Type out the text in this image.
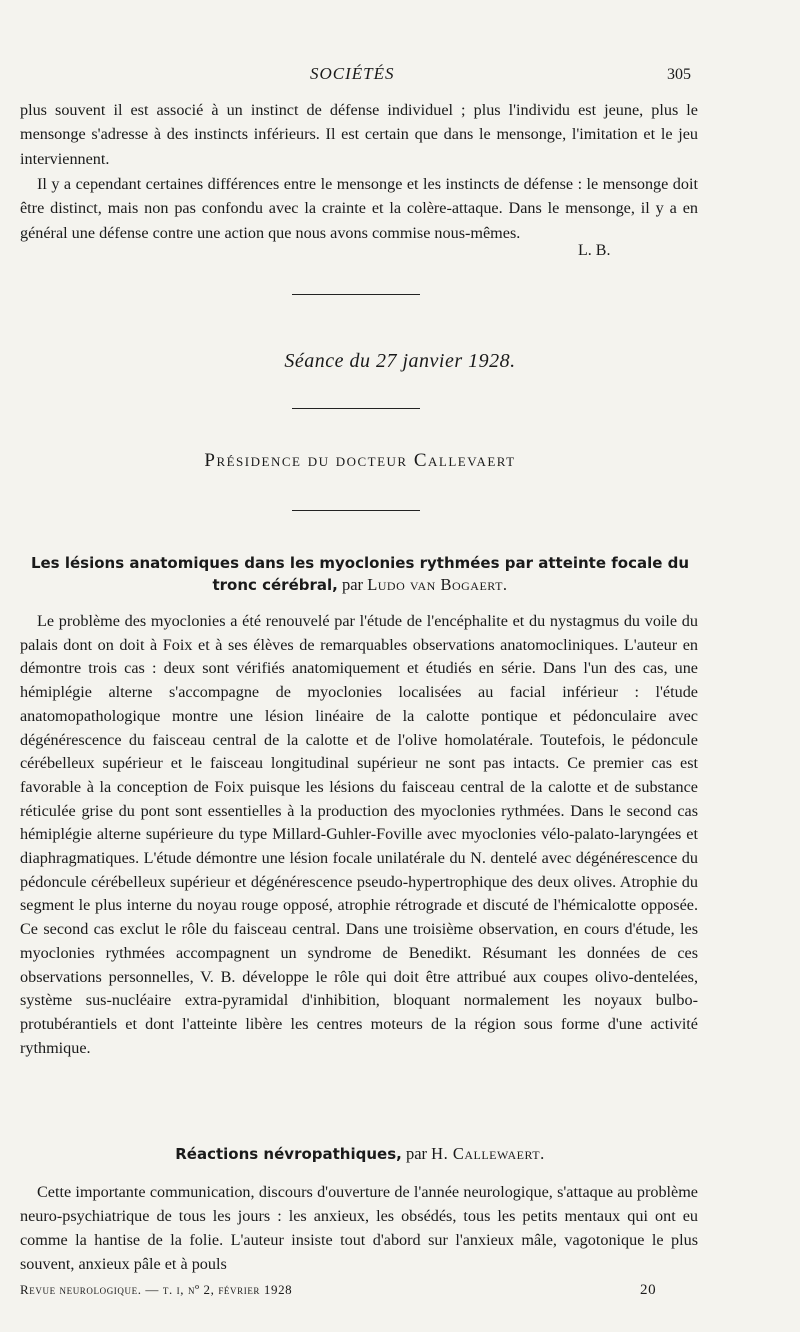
SOCIÉTÉS	305

plus souvent il est associé à un instinct de défense individuel ; plus l'individu est jeune, plus le mensonge s'adresse à des instincts inférieurs. Il est certain que dans le mensonge, l'imitation et le jeu interviennent.

Il y a cependant certaines différences entre le mensonge et les instincts de défense : le mensonge doit être distinct, mais non pas confondu avec la crainte et la colère-attaque. Dans le mensonge, il y a en général une défense contre une action que nous avons commise nous-mêmes.

L. B.
Séance du 27 janvier 1928.
Présidence du docteur Callevaert
Les lésions anatomiques dans les myoclonies rythmées par atteinte focale du tronc cérébral, par Ludo van Bogaert.

Le problème des myoclonies a été renouvelé par l'étude de l'encéphalite et du nystagmus du voile du palais dont on doit à Foix et à ses élèves de remarquables observations anatomocliniques. L'auteur en démontre trois cas : deux sont vérifiés anatomiquement et étudiés en série. Dans l'un des cas, une hémiplégie alterne s'accompagne de myoclonies localisées au facial inférieur : l'étude anatomopathologique montre une lésion linéaire de la calotte pontique et pédonculaire avec dégénérescence du faisceau central de la calotte et de l'olive homolatérale. Toutefois, le pédoncule cérébelleux supérieur et le faisceau longitudinal supérieur ne sont pas intacts. Ce premier cas est favorable à la conception de Foix puisque les lésions du faisceau central de la calotte et de substance réticulée grise du pont sont essentielles à la production des myoclonies rythmées. Dans le second cas hémiplégie alterne supérieure du type Millard-Guhler-Foville avec myoclonies vélo-palato-laryngées et diaphragmatiques. L'étude démontre une lésion focale unilatérale du N. dentelé avec dégénérescence du pédoncule cérébelleux supérieur et dégénérescence pseudo-hypertrophique des deux olives. Atrophie du segment le plus interne du noyau rouge opposé, atrophie rétrograde et discuté de l'hémicalotte opposée. Ce second cas exclut le rôle du faisceau central. Dans une troisième observation, en cours d'étude, les myoclonies rythmées accompagnent un syndrome de Benedikt. Résumant les données de ces observations personnelles, V. B. développe le rôle qui doit être attribué aux coupes olivo-dentelées, système sus-nucléaire extra-pyramidal d'inhibition, bloquant normalement les noyaux bulbo-protubérantiels et dont l'atteinte libère les centres moteurs de la région sous forme d'une activité rythmique.

Réactions névropathiques, par H. Callewaert.

Cette importante communication, discours d'ouverture de l'année neurologique, s'attaque au problème neuro-psychiatrique de tous les jours : les anxieux, les obsédés, tous les petits mentaux qui ont eu comme la hantise de la folie. L'auteur insiste tout d'abord sur l'anxieux mâle, vagotonique le plus souvent, anxieux pâle et à pouls

Revue neurologique. — t. i, nº 2, février 1928	20
